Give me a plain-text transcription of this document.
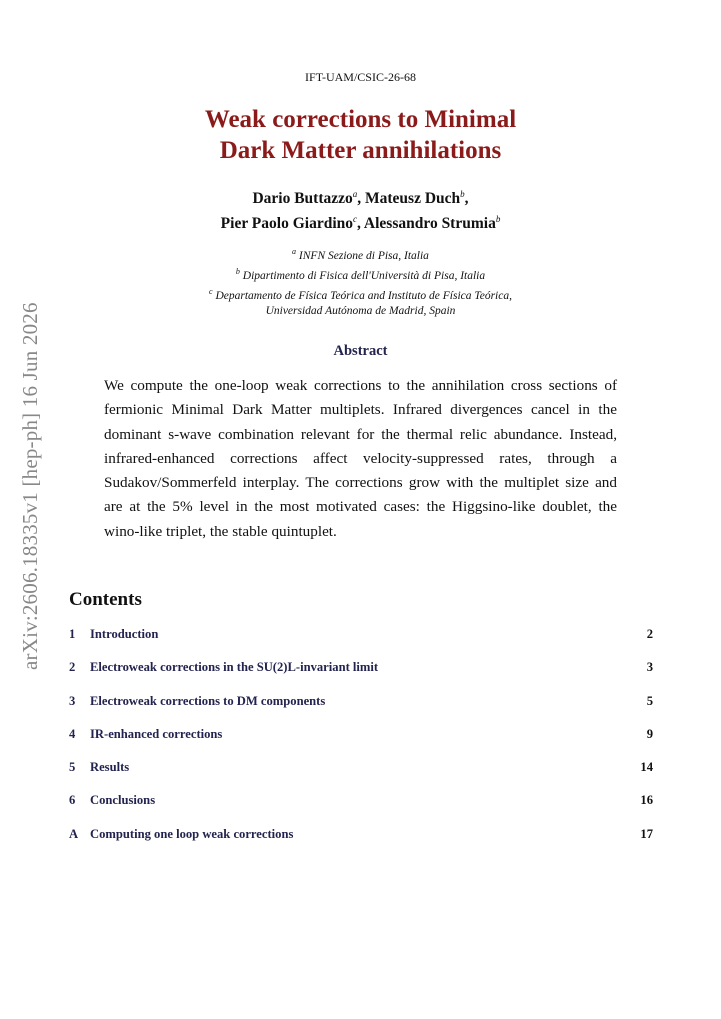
arXiv:2606.18335v1 [hep-ph] 16 Jun 2026
IFT-UAM/CSIC-26-68
Weak corrections to Minimal
Dark Matter annihilations
Dario Buttazzo$^a$, Mateusz Duch$^b$,
Pier Paolo Giardino$^c$, Alessandro Strumia$^b$
$^a$ INFN Sezione di Pisa, Italia
$^b$ Dipartimento di Fisica dell'Università di Pisa, Italia
$^c$ Departamento de Física Teórica and Instituto de Física Teórica,
Universidad Autónoma de Madrid, Spain
Abstract
We compute the one-loop weak corrections to the annihilation cross sections of fermionic Minimal Dark Matter multiplets. Infrared divergences cancel in the dominant s-wave combination relevant for the thermal relic abundance. Instead, infrared-enhanced corrections affect velocity-suppressed rates, through a Sudakov/Sommerfeld interplay. The corrections grow with the multiplet size and are at the 5% level in the most motivated cases: the Higgsino-like doublet, the wino-like triplet, the stable quintuplet.
Contents
1	Introduction	2
2	Electroweak corrections in the SU(2)L-invariant limit	3
3	Electroweak corrections to DM components	5
4	IR-enhanced corrections	9
5	Results	14
6	Conclusions	16
A Computing one loop weak corrections	17
